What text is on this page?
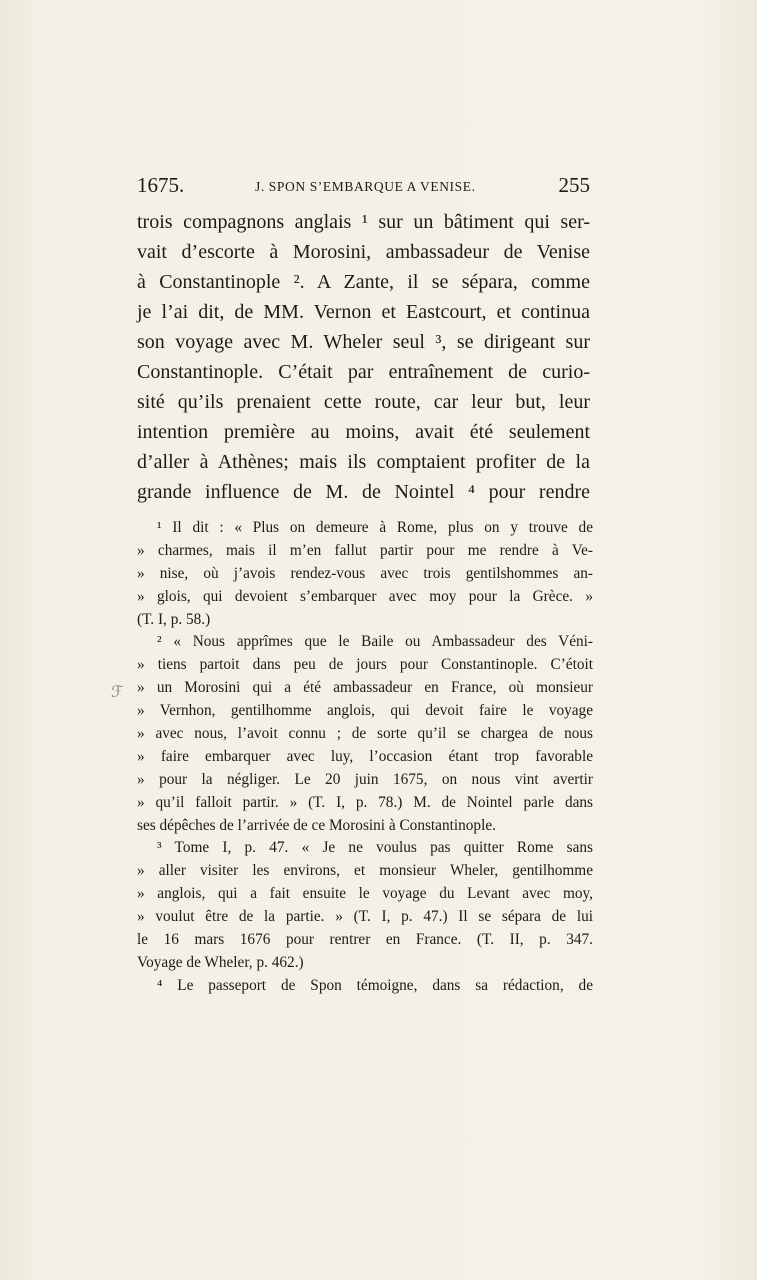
1675.	J. SPON S’EMBARQUE A VENISE.	255
trois compagnons anglais ¹ sur un bâtiment qui ser-
vait d’escorte à Morosini, ambassadeur de Venise
à Constantinople ². A Zante, il se sépara, comme
je l’ai dit, de MM. Vernon et Eastcourt, et continua
son voyage avec M. Wheler seul ³, se dirigeant sur
Constantinople. C’était par entraînement de curio-
sité qu’ils prenaient cette route, car leur but, leur
intention première au moins, avait été seulement
d’aller à Athènes; mais ils comptaient profiter de la
grande influence de M. de Nointel ⁴ pour rendre
ℱ
¹ Il dit : « Plus on demeure à Rome, plus on y trouve de
» charmes, mais il m’en fallut partir pour me rendre à Ve-
» nise, où j’avois rendez-vous avec trois gentilshommes an-
» glois, qui devoient s’embarquer avec moy pour la Grèce. »
(T. I, p. 58.)
² « Nous apprîmes que le Baile ou Ambassadeur des Véni-
» tiens partoit dans peu de jours pour Constantinople. C’étoit
» un Morosini qui a été ambassadeur en France, où monsieur
» Vernhon, gentilhomme anglois, qui devoit faire le voyage
» avec nous, l’avoit connu ; de sorte qu’il se chargea de nous
» faire embarquer avec luy, l’occasion étant trop favorable
» pour la négliger. Le 20 juin 1675, on nous vint avertir
» qu’il falloit partir. » (T. I, p. 78.) M. de Nointel parle dans
ses dépêches de l’arrivée de ce Morosini à Constantinople.
³ Tome I, p. 47. « Je ne voulus pas quitter Rome sans
» aller visiter les environs, et monsieur Wheler, gentilhomme
» anglois, qui a fait ensuite le voyage du Levant avec moy,
» voulut être de la partie. » (T. I, p. 47.) Il se sépara de lui
le 16 mars 1676 pour rentrer en France. (T. II, p. 347.
Voyage de Wheler, p. 462.)
⁴ Le passeport de Spon témoigne, dans sa rédaction, de
